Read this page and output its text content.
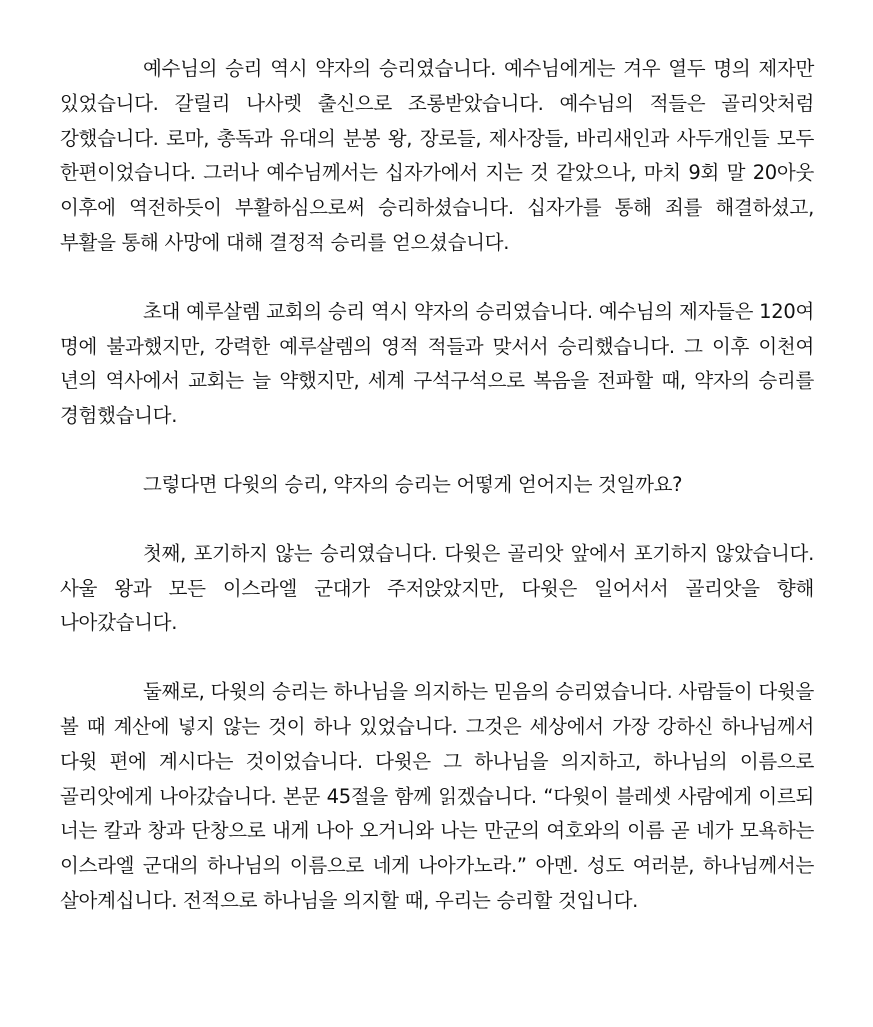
예수님의 승리 역시 약자의 승리였습니다. 예수님에게는 겨우 열두 명의 제자만 있었습니다. 갈릴리 나사렛 출신으로 조롱받았습니다. 예수님의 적들은 골리앗처럼 강했습니다. 로마, 총독과 유대의 분봉 왕, 장로들, 제사장들, 바리새인과 사두개인들 모두 한편이었습니다. 그러나 예수님께서는 십자가에서 지는 것 같았으나, 마치 9회 말 20아웃 이후에 역전하듯이 부활하심으로써 승리하셨습니다. 십자가를 통해 죄를 해결하셨고, 부활을 통해 사망에 대해 결정적 승리를 얻으셨습니다.

초대 예루살렘 교회의 승리 역시 약자의 승리였습니다. 예수님의 제자들은 120여 명에 불과했지만, 강력한 예루살렘의 영적 적들과 맞서서 승리했습니다. 그 이후 이천여 년의 역사에서 교회는 늘 약했지만, 세계 구석구석으로 복음을 전파할 때, 약자의 승리를 경험했습니다.

그렇다면 다윗의 승리, 약자의 승리는 어떻게 얻어지는 것일까요?

첫째, 포기하지 않는 승리였습니다. 다윗은 골리앗 앞에서 포기하지 않았습니다. 사울 왕과 모든 이스라엘 군대가 주저앉았지만, 다윗은 일어서서 골리앗을 향해 나아갔습니다.

둘째로, 다윗의 승리는 하나님을 의지하는 믿음의 승리였습니다. 사람들이 다윗을 볼 때 계산에 넣지 않는 것이 하나 있었습니다. 그것은 세상에서 가장 강하신 하나님께서 다윗 편에 계시다는 것이었습니다. 다윗은 그 하나님을 의지하고, 하나님의 이름으로 골리앗에게 나아갔습니다. 본문 45절을 함께 읽겠습니다. “다윗이 블레셋 사람에게 이르되 너는 칼과 창과 단창으로 내게 나아 오거니와 나는 만군의 여호와의 이름 곧 네가 모욕하는 이스라엘 군대의 하나님의 이름으로 네게 나아가노라.” 아멘. 성도 여러분, 하나님께서는 살아계십니다. 전적으로 하나님을 의지할 때, 우리는 승리할 것입니다.
